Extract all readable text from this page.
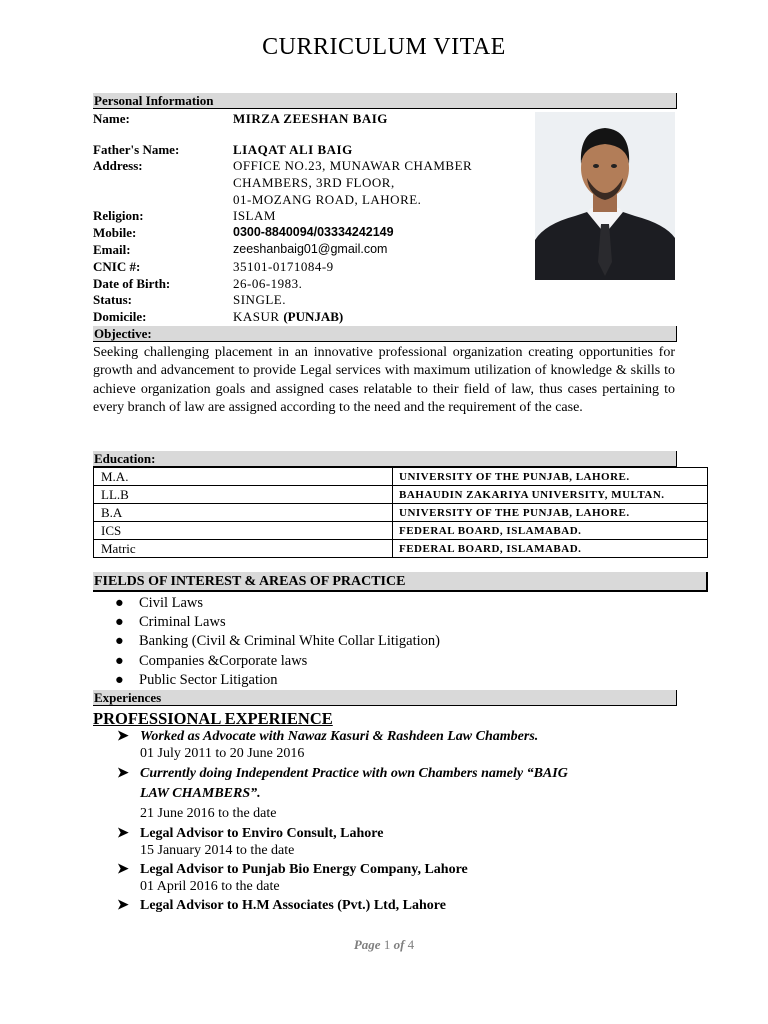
CURRICULUM VITAE
Personal Information
Name:	MIRZA ZEESHAN BAIG
Father's Name:	LIAQAT ALI BAIG
Address:	OFFICE NO.23, MUNAWAR CHAMBER
CHAMBERS, 3RD FLOOR,
01-MOZANG ROAD, LAHORE.
Religion:	ISLAM
Mobile:	0300-8840094/03334242149
Email:	zeeshanbaig01@gmail.com
CNIC #:	35101-0171084-9
Date of Birth:	26-06-1983.
Status:	SINGLE.
Domicile:	KASUR (PUNJAB)
Objective:
Seeking challenging placement in an innovative professional organization creating opportunities for growth and advancement to provide Legal services with maximum utilization of knowledge & skills to achieve organization goals and assigned cases relatable to their field of law, thus cases pertaining to every branch of law are assigned according to the need and the requirement of the case.
Education:
M.A.	UNIVERSITY OF THE PUNJAB, LAHORE.
LL.B	BAHAUDIN ZAKARIYA UNIVERSITY, MULTAN.
B.A	UNIVERSITY OF THE PUNJAB, LAHORE.
ICS	FEDERAL BOARD, ISLAMABAD.
Matric	FEDERAL BOARD, ISLAMABAD.
FIELDS OF INTEREST & AREAS OF PRACTICE
● Civil Laws
● Criminal Laws
● Banking (Civil & Criminal White Collar Litigation)
● Companies &Corporate laws
● Public Sector Litigation
Experiences
PROFESSIONAL EXPERIENCE
➤ Worked as Advocate with Nawaz Kasuri & Rashdeen Law Chambers.
01 July 2011 to 20 June 2016
➤ Currently doing Independent Practice with own Chambers namely “BAIG
LAW CHAMBERS”.
21 June 2016 to the date
➤ Legal Advisor to Enviro Consult, Lahore
15 January 2014 to the date
➤ Legal Advisor to Punjab Bio Energy Company, Lahore
01 April 2016 to the date
➤ Legal Advisor to H.M Associates (Pvt.) Ltd, Lahore
Page 1 of 4
